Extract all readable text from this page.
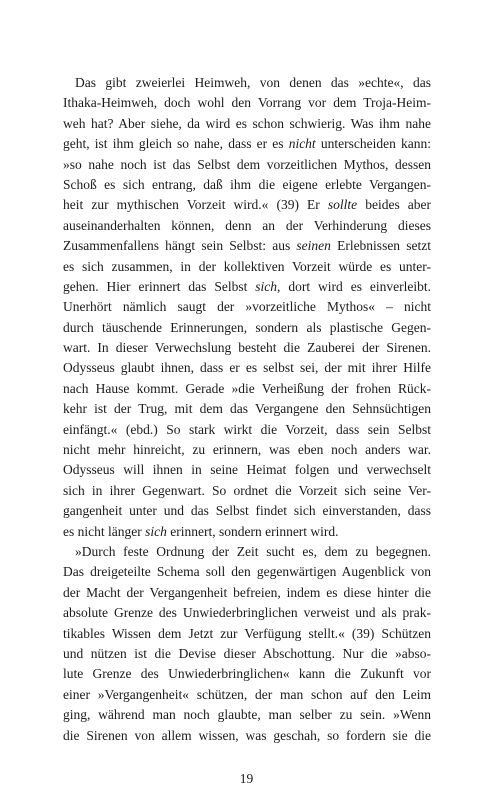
Das gibt zweierlei Heimweh, von denen das »echte«, das
Ithaka-Heimweh, doch wohl den Vorrang vor dem Troja-Heim-
weh hat? Aber siehe, da wird es schon schwierig. Was ihm nahe
geht, ist ihm gleich so nahe, dass er es nicht unterscheiden kann:
»so nahe noch ist das Selbst dem vorzeitlichen Mythos, dessen
Schoß es sich entrang, daß ihm die eigene erlebte Vergangen-
heit zur mythischen Vorzeit wird.« (39) Er sollte beides aber
auseinanderhalten können, denn an der Verhinderung dieses
Zusammenfallens hängt sein Selbst: aus seinen Erlebnissen setzt
es sich zusammen, in der kollektiven Vorzeit würde es unter-
gehen. Hier erinnert das Selbst sich, dort wird es einverleibt.
Unerhört nämlich saugt der »vorzeitliche Mythos« – nicht
durch täuschende Erinnerungen, sondern als plastische Gegen-
wart. In dieser Verwechslung besteht die Zauberei der Sirenen.
Odysseus glaubt ihnen, dass er es selbst sei, der mit ihrer Hilfe
nach Hause kommt. Gerade »die Verheißung der frohen Rück-
kehr ist der Trug, mit dem das Vergangene den Sehnsüchtigen
einfängt.« (ebd.) So stark wirkt die Vorzeit, dass sein Selbst
nicht mehr hinreicht, zu erinnern, was eben noch anders war.
Odysseus will ihnen in seine Heimat folgen und verwechselt
sich in ihrer Gegenwart. So ordnet die Vorzeit sich seine Ver-
gangenheit unter und das Selbst findet sich einverstanden, dass
es nicht länger sich erinnert, sondern erinnert wird.
»Durch feste Ordnung der Zeit sucht es, dem zu begegnen.
Das dreigeteilte Schema soll den gegenwärtigen Augenblick von
der Macht der Vergangenheit befreien, indem es diese hinter die
absolute Grenze des Unwiederbringlichen verweist und als prak-
tikables Wissen dem Jetzt zur Verfügung stellt.« (39) Schützen
und nützen ist die Devise dieser Abschottung. Nur die »abso-
lute Grenze des Unwiederbringlichen« kann die Zukunft vor
einer »Vergangenheit« schützen, der man schon auf den Leim
ging, während man noch glaubte, man selber zu sein. »Wenn
die Sirenen von allem wissen, was geschah, so fordern sie die
19
